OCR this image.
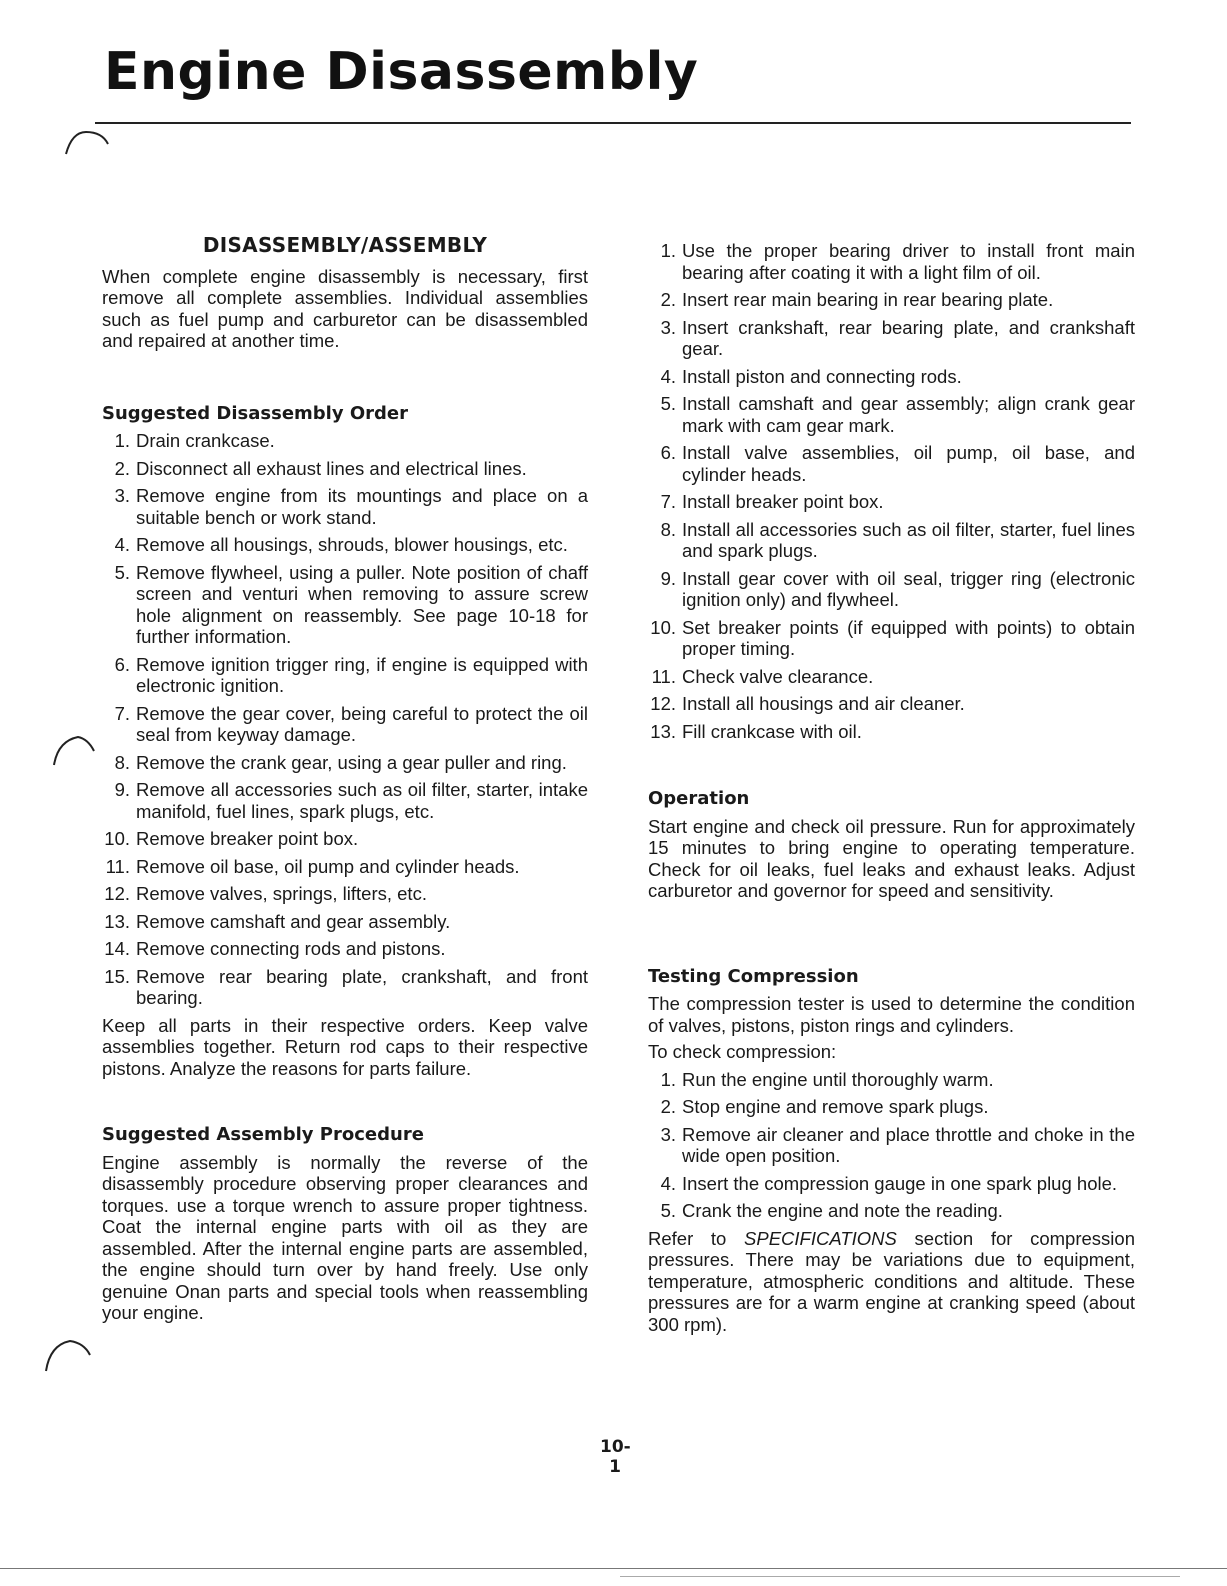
Engine Disassembly
DISASSEMBLY/ASSEMBLY

When complete engine disassembly is necessary, first remove all complete assemblies. Individual assemblies such as fuel pump and carburetor can be disassembled and repaired at another time.

Suggested Disassembly Order
1. Drain crankcase.
2. Disconnect all exhaust lines and electrical lines.
3. Remove engine from its mountings and place on a suitable bench or work stand.
4. Remove all housings, shrouds, blower housings, etc.
5. Remove flywheel, using a puller. Note position of chaff screen and venturi when removing to assure screw hole alignment on reassembly. See page 10-18 for further information.
6. Remove ignition trigger ring, if engine is equipped with electronic ignition.
7. Remove the gear cover, being careful to protect the oil seal from keyway damage.
8. Remove the crank gear, using a gear puller and ring.
9. Remove all accessories such as oil filter, starter, intake manifold, fuel lines, spark plugs, etc.
10. Remove breaker point box.
11. Remove oil base, oil pump and cylinder heads.
12. Remove valves, springs, lifters, etc.
13. Remove camshaft and gear assembly.
14. Remove connecting rods and pistons.
15. Remove rear bearing plate, crankshaft, and front bearing.

Keep all parts in their respective orders. Keep valve assemblies together. Return rod caps to their respective pistons. Analyze the reasons for parts failure.

Suggested Assembly Procedure

Engine assembly is normally the reverse of the disassembly procedure observing proper clearances and torques. use a torque wrench to assure proper tightness. Coat the internal engine parts with oil as they are assembled. After the internal engine parts are assembled, the engine should turn over by hand freely. Use only genuine Onan parts and special tools when reassembling your engine.

1. Use the proper bearing driver to install front main bearing after coating it with a light film of oil.
2. Insert rear main bearing in rear bearing plate.
3. Insert crankshaft, rear bearing plate, and crankshaft gear.
4. Install piston and connecting rods.
5. Install camshaft and gear assembly; align crank gear mark with cam gear mark.
6. Install valve assemblies, oil pump, oil base, and cylinder heads.
7. Install breaker point box.
8. Install all accessories such as oil filter, starter, fuel lines and spark plugs.
9. Install gear cover with oil seal, trigger ring (electronic ignition only) and flywheel.
10. Set breaker points (if equipped with points) to obtain proper timing.
11. Check valve clearance.
12. Install all housings and air cleaner.
13. Fill crankcase with oil.
Operation

Start engine and check oil pressure. Run for approximately 15 minutes to bring engine to operating temperature. Check for oil leaks, fuel leaks and exhaust leaks. Adjust carburetor and governor for speed and sensitivity.

Testing Compression

The compression tester is used to determine the condition of valves, pistons, piston rings and cylinders.

To check compression:

1. Run the engine until thoroughly warm.
2. Stop engine and remove spark plugs.
3. Remove air cleaner and place throttle and choke in the wide open position.
4. Insert the compression gauge in one spark plug hole.
5. Crank the engine and note the reading.

Refer to SPECIFICATIONS section for compression pressures. There may be variations due to equipment, temperature, atmospheric conditions and altitude. These pressures are for a warm engine at cranking speed (about 300 rpm).

10-1
